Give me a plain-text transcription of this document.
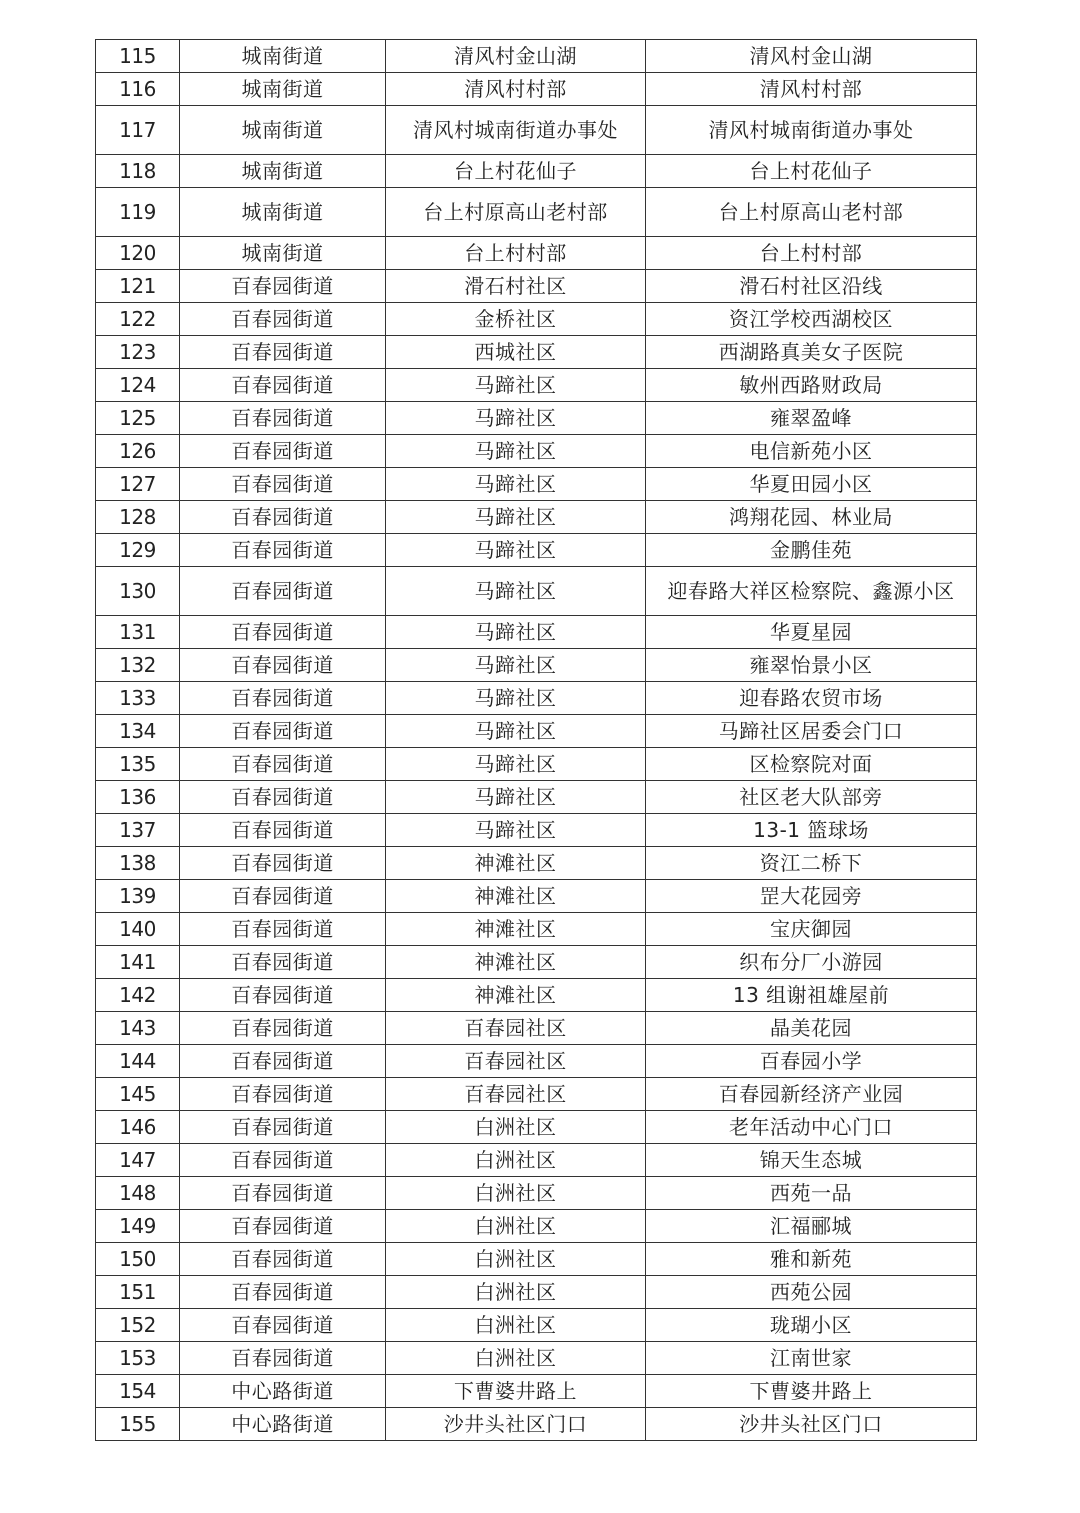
115	城南街道	清风村金山湖	清风村金山湖
116	城南街道	清风村村部	清风村村部
117	城南街道	清风村城南街道办事处	清风村城南街道办事处
118	城南街道	台上村花仙子	台上村花仙子
119	城南街道	台上村原高山老村部	台上村原高山老村部
120	城南街道	台上村村部	台上村村部
121	百春园街道	滑石村社区	滑石村社区沿线
122	百春园街道	金桥社区	资江学校西湖校区
123	百春园街道	西城社区	西湖路真美女子医院
124	百春园街道	马蹄社区	敏州西路财政局
125	百春园街道	马蹄社区	雍翠盈峰
126	百春园街道	马蹄社区	电信新苑小区
127	百春园街道	马蹄社区	华夏田园小区
128	百春园街道	马蹄社区	鸿翔花园、林业局
129	百春园街道	马蹄社区	金鹏佳苑
130	百春园街道	马蹄社区	迎春路大祥区检察院、鑫源小区
131	百春园街道	马蹄社区	华夏星园
132	百春园街道	马蹄社区	雍翠怡景小区
133	百春园街道	马蹄社区	迎春路农贸市场
134	百春园街道	马蹄社区	马蹄社区居委会门口
135	百春园街道	马蹄社区	区检察院对面
136	百春园街道	马蹄社区	社区老大队部旁
137	百春园街道	马蹄社区	13-1 篮球场
138	百春园街道	神滩社区	资江二桥下
139	百春园街道	神滩社区	罡大花园旁
140	百春园街道	神滩社区	宝庆御园
141	百春园街道	神滩社区	织布分厂小游园
142	百春园街道	神滩社区	13 组谢祖雄屋前
143	百春园街道	百春园社区	晶美花园
144	百春园街道	百春园社区	百春园小学
145	百春园街道	百春园社区	百春园新经济产业园
146	百春园街道	白洲社区	老年活动中心门口
147	百春园街道	白洲社区	锦天生态城
148	百春园街道	白洲社区	西苑一品
149	百春园街道	白洲社区	汇福郦城
150	百春园街道	白洲社区	雅和新苑
151	百春园街道	白洲社区	西苑公园
152	百春园街道	白洲社区	珑瑚小区
153	百春园街道	白洲社区	江南世家
154	中心路街道	下曹婆井路上	下曹婆井路上
155	中心路街道	沙井头社区门口	沙井头社区门口
